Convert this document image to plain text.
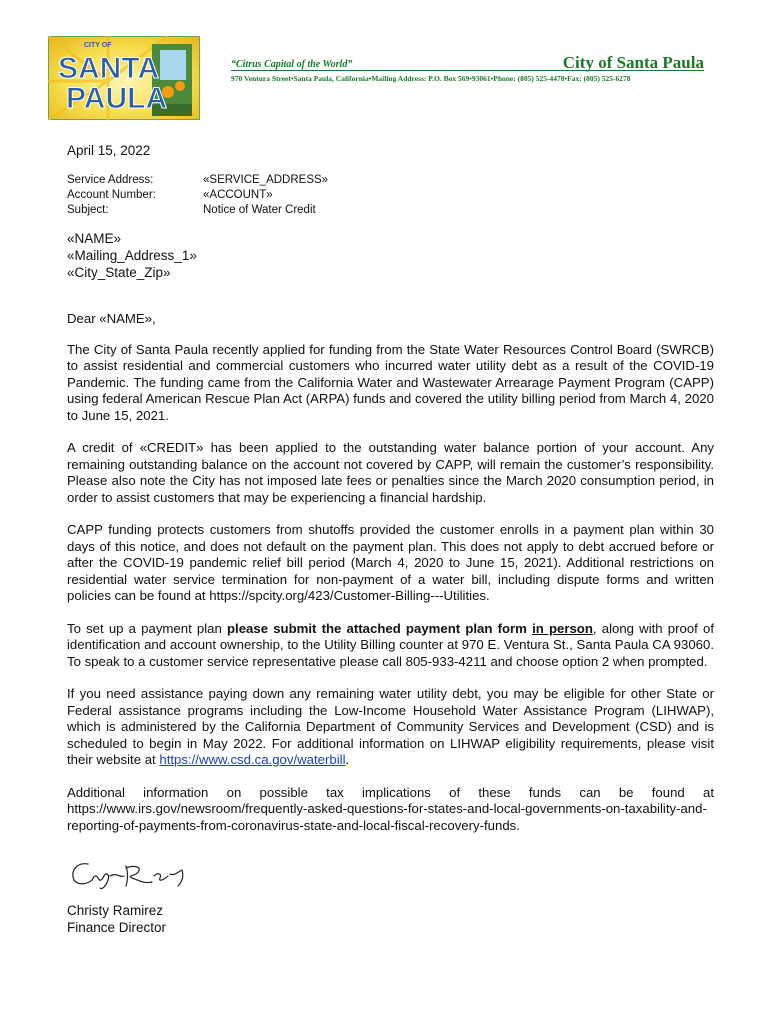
CITY OF
SANTA
PAULA
“Citrus Capital of the World”	City of Santa Paula
970 Ventura Street•Santa Paula, California•Mailing Address: P.O. Box 569•93061•Phone: (805) 525-4478•Fax: (805) 525-6278
April 15, 2022
Service Address:	«SERVICE_ADDRESS»
Account Number:	«ACCOUNT»
Subject:	Notice of Water Credit
«NAME»
«Mailing_Address_1»
«City_State_Zip»

Dear «NAME»,

The City of Santa Paula recently applied for funding from the State Water Resources Control Board (SWRCB) to assist residential and commercial customers who incurred water utility debt as a result of the COVID-19 Pandemic. The funding came from the California Water and Wastewater Arrearage Payment Program (CAPP) using federal American Rescue Plan Act (ARPA) funds and covered the utility billing period from March 4, 2020 to June 15, 2021.

A credit of «CREDIT» has been applied to the outstanding water balance portion of your account. Any remaining outstanding balance on the account not covered by CAPP, will remain the customer’s responsibility. Please also note the City has not imposed late fees or penalties since the March 2020 consumption period, in order to assist customers that may be experiencing a financial hardship.

CAPP funding protects customers from shutoffs provided the customer enrolls in a payment plan within 30 days of this notice, and does not default on the payment plan. This does not apply to debt accrued before or after the COVID-19 pandemic relief bill period (March 4, 2020 to June 15, 2021). Additional restrictions on residential water service termination for non-payment of a water bill, including dispute forms and written policies can be found at https://spcity.org/423/Customer-Billing---Utilities.

To set up a payment plan please submit the attached payment plan form in person, along with proof of identification and account ownership, to the Utility Billing counter at 970 E. Ventura St., Santa Paula CA 93060. To speak to a customer service representative please call 805-933-4211 and choose option 2 when prompted.

If you need assistance paying down any remaining water utility debt, you may be eligible for other State or Federal assistance programs including the Low-Income Household Water Assistance Program (LIHWAP), which is administered by the California Department of Community Services and Development (CSD) and is scheduled to begin in May 2022. For additional information on LIHWAP eligibility requirements, please visit their website at https://www.csd.ca.gov/waterbill.

Additional information on possible tax implications of these funds can be found at https://www.irs.gov/newsroom/frequently-asked-questions-for-states-and-local-governments-on-taxability-and-reporting-of-payments-from-coronavirus-state-and-local-fiscal-recovery-funds.

Christy Ramirez
Finance Director
